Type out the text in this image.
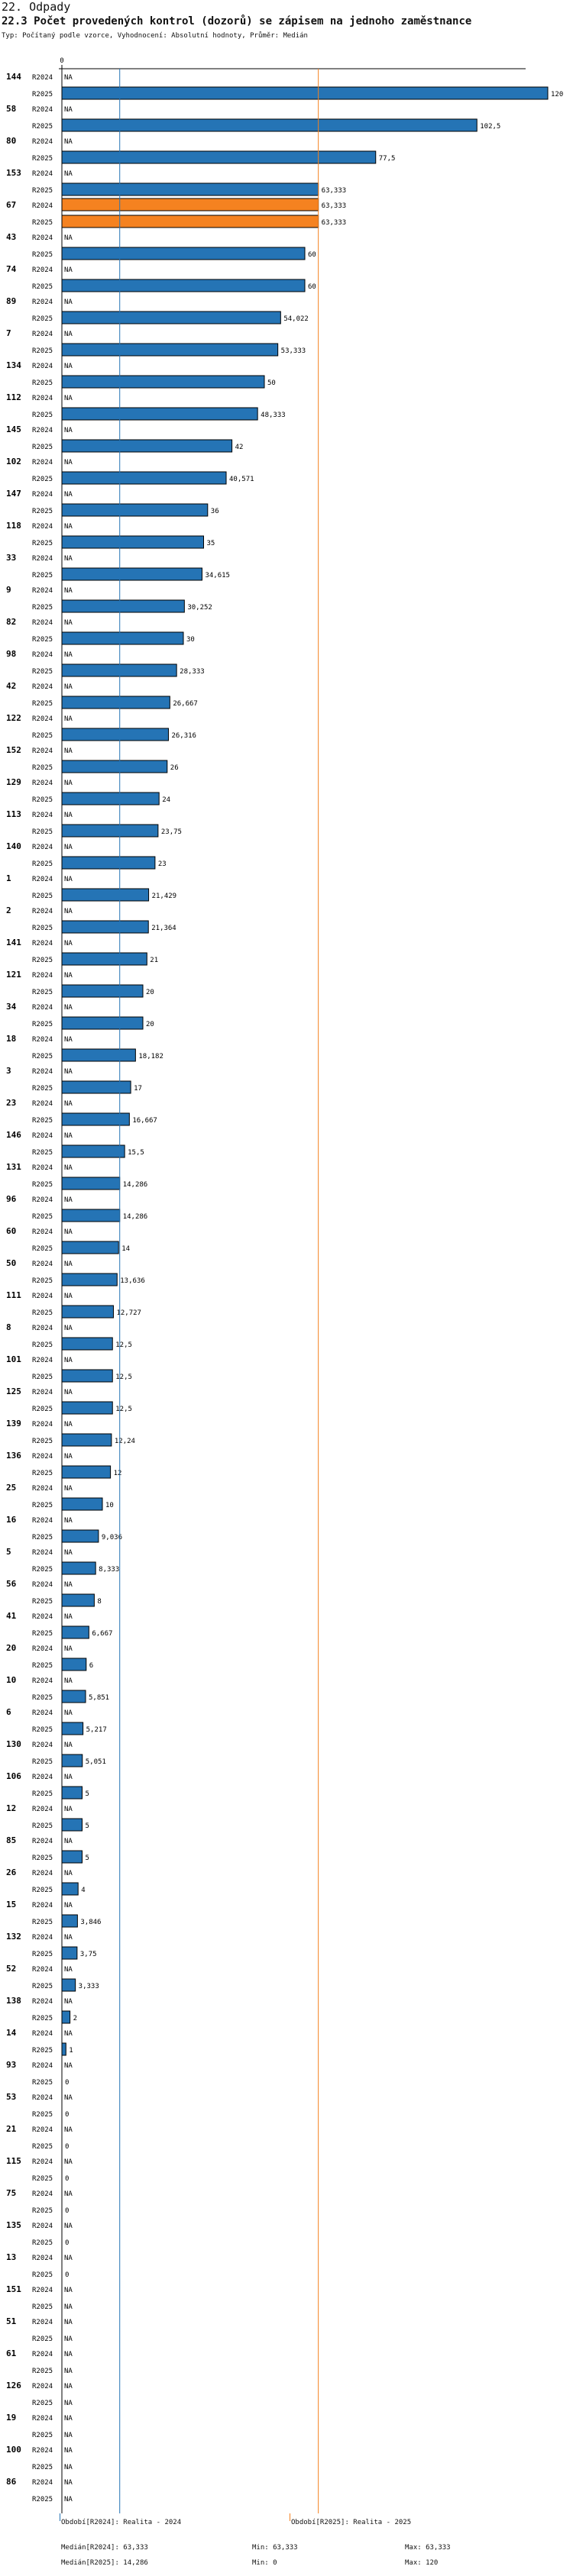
22. Odpady
22.3 Počet provedených kontrol (dozorů) se zápisem na jednoho zaměstnance
Typ: Počítaný podle vzorce, Vyhodnocení: Absolutní hodnoty, Průměr: Medián
0
144 R2024
R2025
NA
120
58 R2024
R2025
NA
102,5
80 R2024
R2025
NA
77,5
153 R2024
R2025
NA
63,333
67 R2024
R2025
63,333
63,333
43 R2024
R2025
NA
60
74 R2024
R2025
NA
60
89 R2024
R2025
NA
54,022
7	R2024
R2025
NA
53,333
134 R2024
R2025
NA
50
112 R2024
R2025
NA
48,333
145 R2024
R2025
NA
42
102 R2024
R2025
NA
40,571
147 R2024
R2025
NA
36
118 R2024
R2025
NA
35
33 R2024
R2025
NA
34,615
9	R2024
R2025
NA
30,252
82 R2024
R2025
NA
30
98 R2024
R2025
NA
28,333
42 R2024
R2025
NA
26,667
122 R2024
R2025
NA
26,316
152 R2024
R2025
NA
26
129 R2024
R2025
NA
24
113 R2024
R2025
NA
23,75
140 R2024
R2025
NA
23
1	R2024
R2025
NA
21,429
2	R2024
R2025
NA
21,364
141 R2024
R2025
NA
21
121 R2024
R2025
NA
20
34 R2024
R2025
NA
20
18 R2024
R2025
NA
18,182
3	R2024
R2025
NA
17
23 R2024
R2025
NA
16,667
146 R2024
R2025
NA
15,5
131 R2024
R2025
NA
14,286
96 R2024
R2025
NA
14,286
60 R2024
R2025
NA
14
50 R2024
R2025
NA
13,636
111 R2024
R2025
NA
12,727
8	R2024
R2025
NA
12,5
101 R2024
R2025
NA
12,5
125 R2024
R2025
NA
12,5
139 R2024
R2025
NA
12,24
136 R2024
R2025
NA
12
25 R2024
R2025
NA
10
16 R2024
R2025
NA
9,036
5	R2024
R2025
NA
8,333
56 R2024
R2025
NA
8
41 R2024
R2025
NA
6,667
20 R2024
R2025
NA
6
10 R2024
R2025
NA
5,851
6	R2024
R2025
NA
5,217
130 R2024
R2025
NA
5,051
106 R2024
R2025
NA
5
12 R2024
R2025
NA
5
85 R2024
R2025
NA
5
26 R2024
R2025
NA
4
15 R2024
R2025
NA
3,846
132 R2024
R2025
NA
3,75
52 R2024
R2025
NA
3,333
138 R2024
R2025
NA
2
14 R2024
R2025
NA
1
93 R2024
R2025
NA
0
53 R2024
R2025
NA
0
21 R2024
R2025
NA
0
115 R2024
R2025
NA
0
75 R2024
R2025
NA
0
135 R2024
R2025
NA
0
13 R2024
R2025
NA
0
151 R2024
R2025
NA
NA
51 R2024
R2025
NA
NA
61 R2024
R2025
NA
NA
126 R2024
R2025
NA
NA
19 R2024
R2025
NA
NA
100 R2024
R2025
NA
NA
86 R2024
R2025
NA
NA
Období[R2024]: Realita - 2024	Období[R2025]: Realita - 2025
Medián[R2024]: 63,333	Min: 63,333	Max: 63,333
Medián[R2025]: 14,286	Min: 0	Max: 120
